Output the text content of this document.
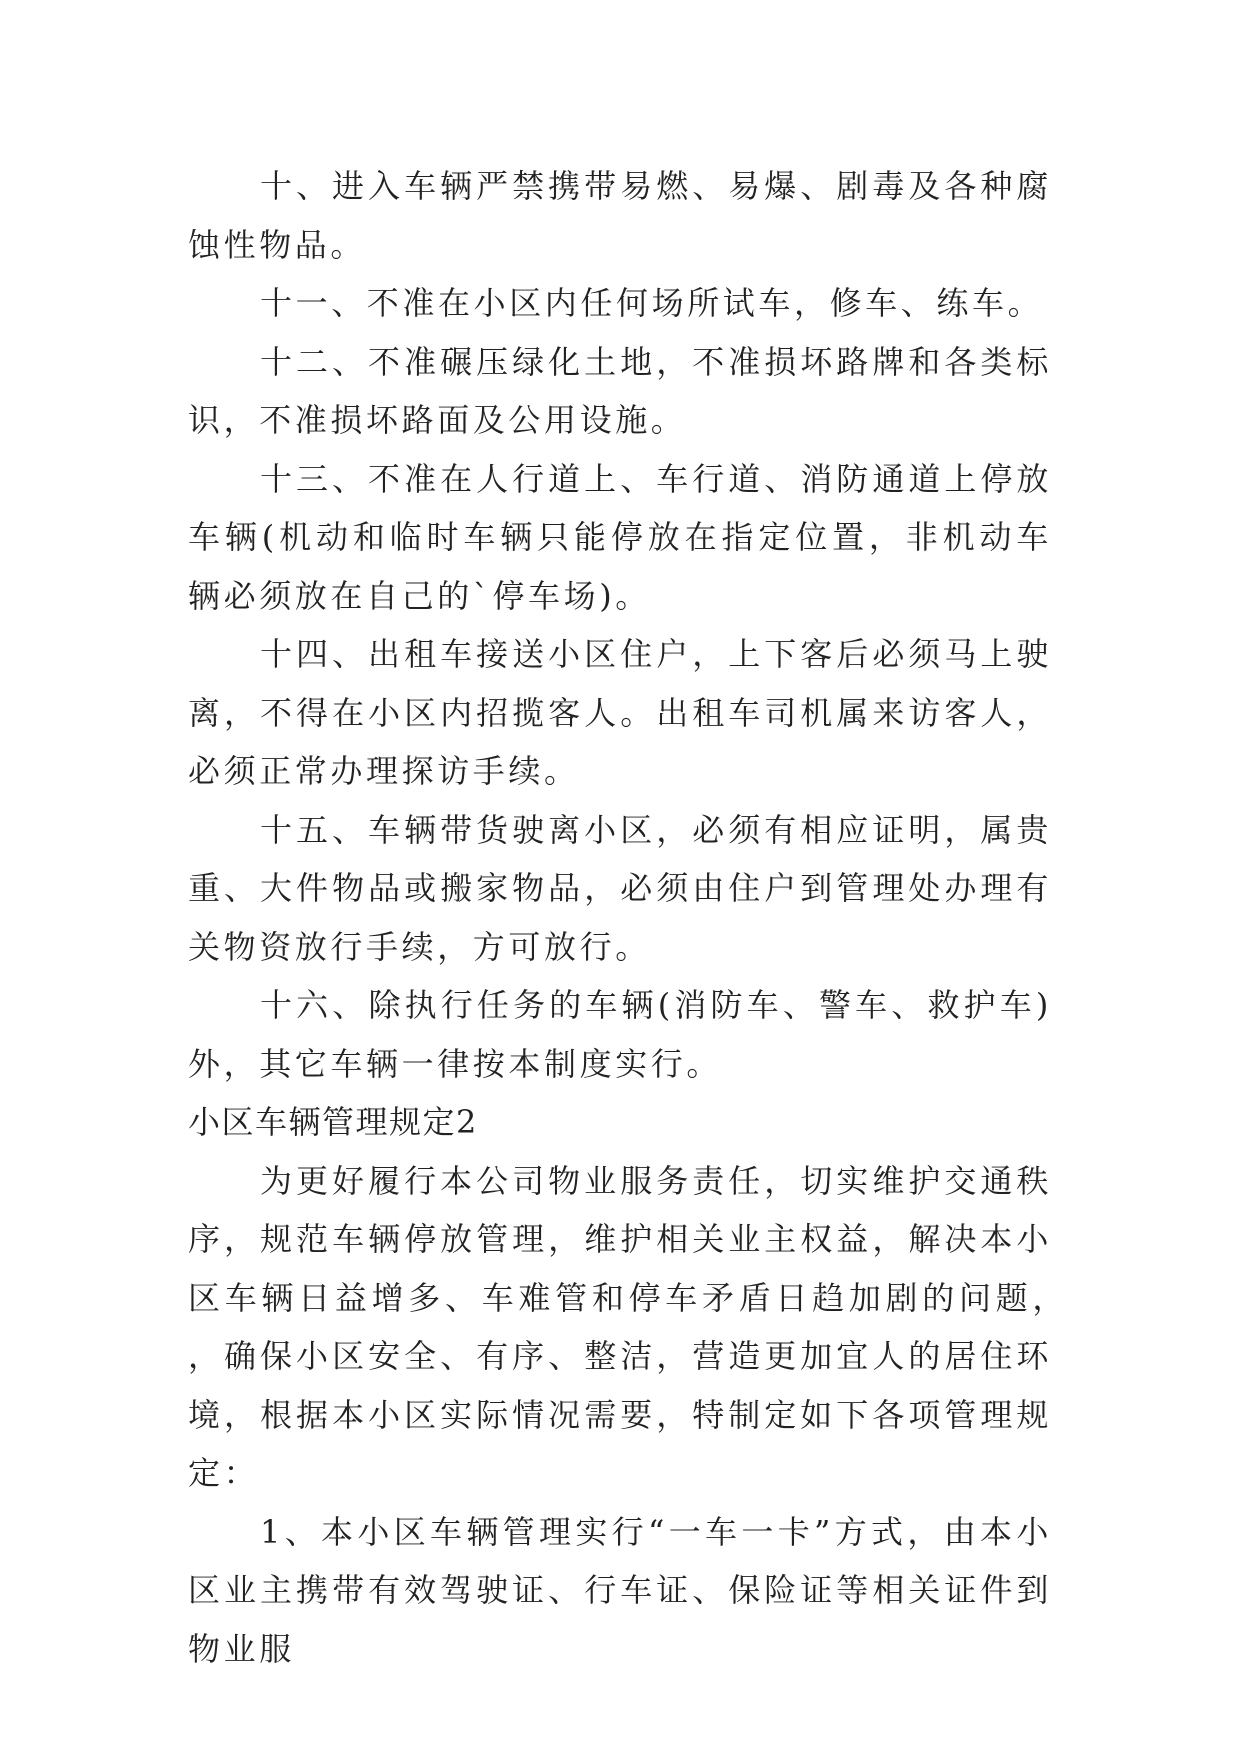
十、进入车辆严禁携带易燃、易爆、剧毒及各种腐蚀性物品。

十一、不准在小区内任何场所试车，修车、练车。

十二、不准碾压绿化土地，不准损坏路牌和各类标识，不准损坏路面及公用设施。

十三、不准在人行道上、车行道、消防通道上停放车辆(机动和临时车辆只能停放在指定位置，非机动车辆必须放在自己的`停车场)。

十四、出租车接送小区住户，上下客后必须马上驶离，不得在小区内招揽客人。出租车司机属来访客人，必须正常办理探访手续。

十五、车辆带货驶离小区，必须有相应证明，属贵重、大件物品或搬家物品，必须由住户到管理处办理有关物资放行手续，方可放行。

十六、除执行任务的车辆(消防车、警车、救护车)外，其它车辆一律按本制度实行。

小区车辆管理规定2

为更好履行本公司物业服务责任，切实维护交通秩序，规范车辆停放管理，维护相关业主权益，解决本小区车辆日益增多、车难管和停车矛盾日趋加剧的问题，，确保小区安全、有序、整洁，营造更加宜人的居住环境，根据本小区实际情况需要，特制定如下各项管理规定：

1、本小区车辆管理实行“一车一卡”方式，由本小区业主携带有效驾驶证、行车证、保险证等相关证件到物业服
